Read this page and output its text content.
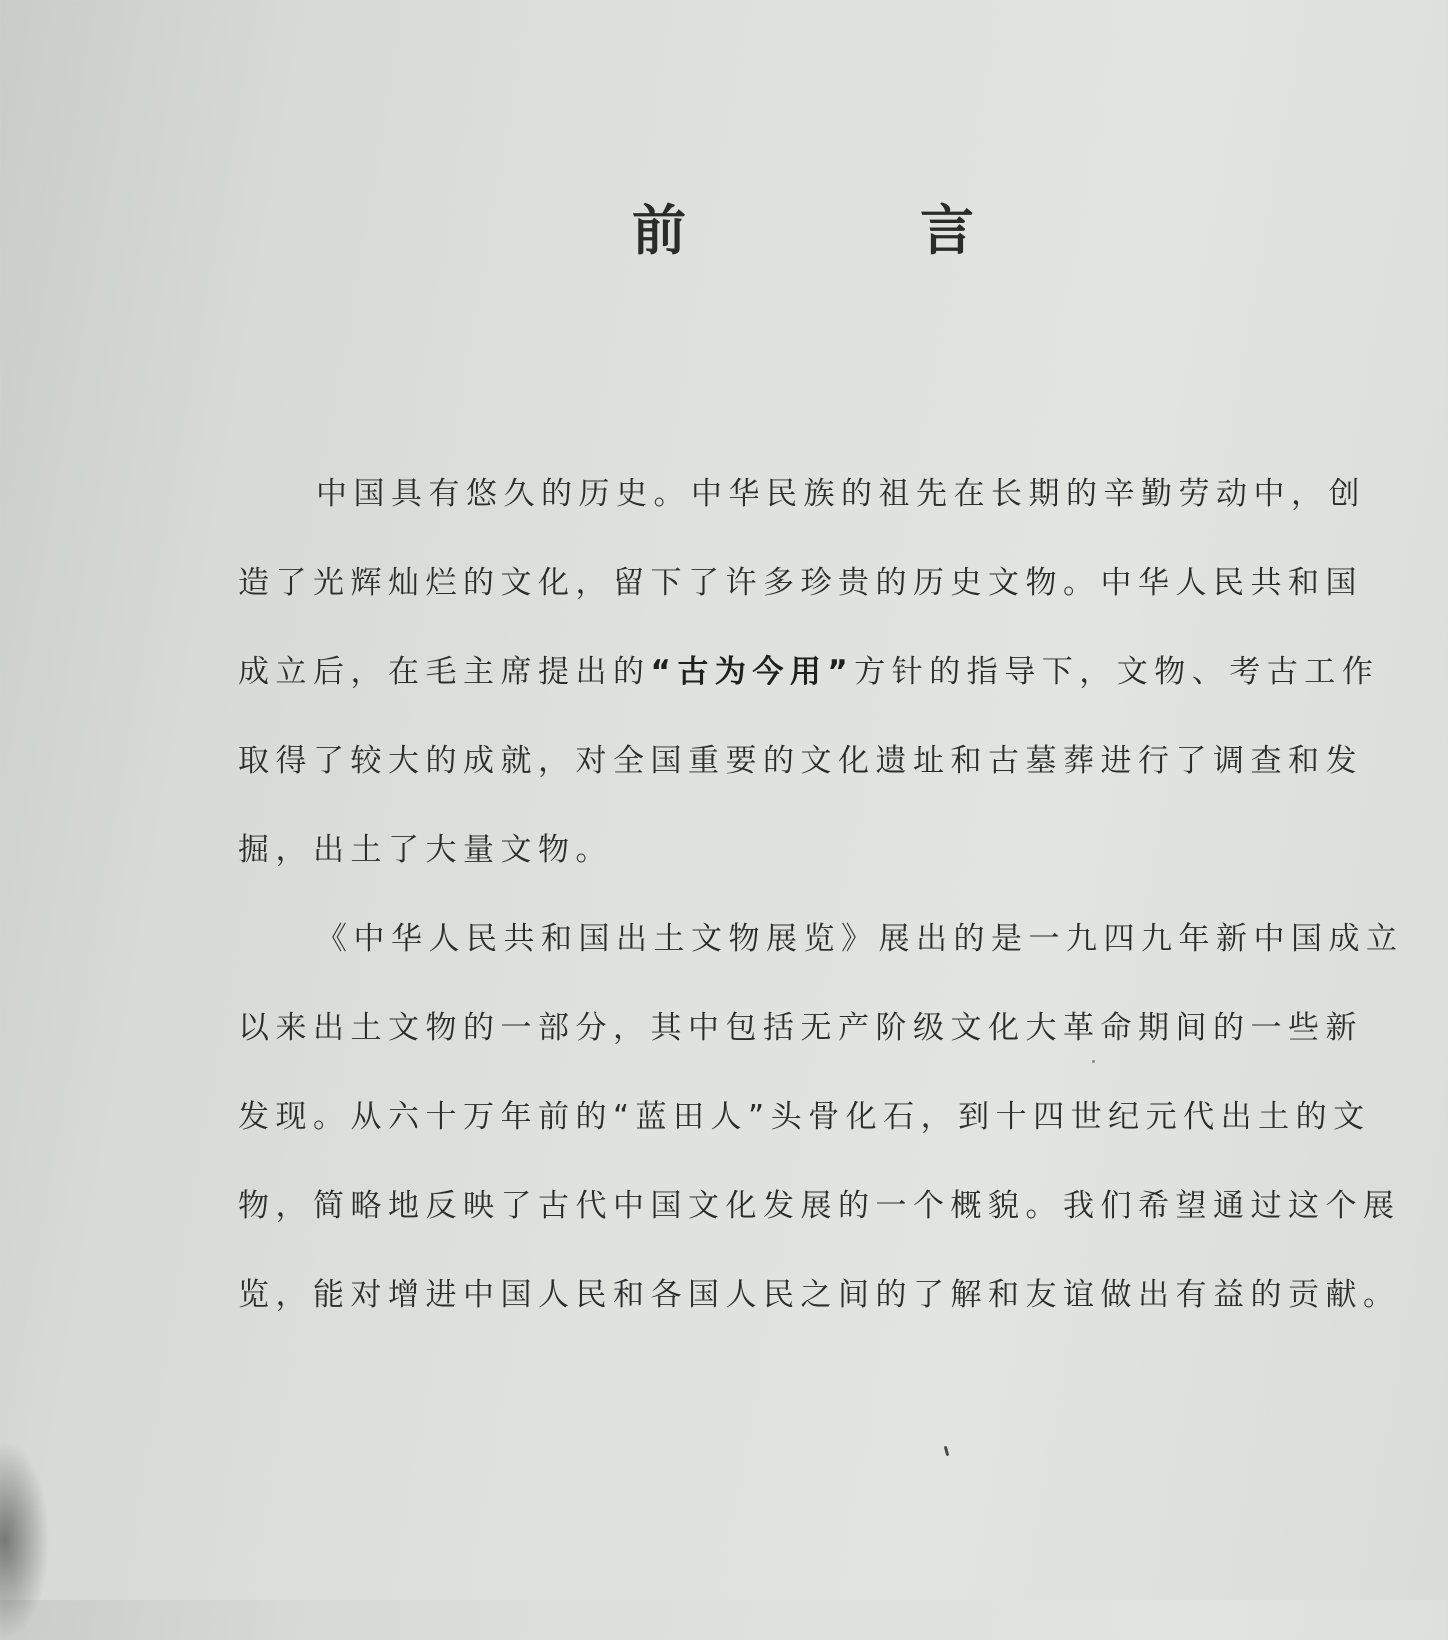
前	言
中国具有悠久的历史。中华民族的祖先在长期的辛勤劳动中，创
造了光辉灿烂的文化，留下了许多珍贵的历史文物。中华人民共和国
成立后，在毛主席提出的“古为今用”方针的指导下，文物、考古工作
取得了较大的成就，对全国重要的文化遗址和古墓葬进行了调查和发
掘，出土了大量文物。
《中华人民共和国出土文物展览》展出的是一九四九年新中国成立
以来出土文物的一部分，其中包括无产阶级文化大革命期间的一些新
发现。从六十万年前的“蓝田人”头骨化石，到十四世纪元代出土的文
物，简略地反映了古代中国文化发展的一个概貌。我们希望通过这个展
览，能对增进中国人民和各国人民之间的了解和友谊做出有益的贡献。
